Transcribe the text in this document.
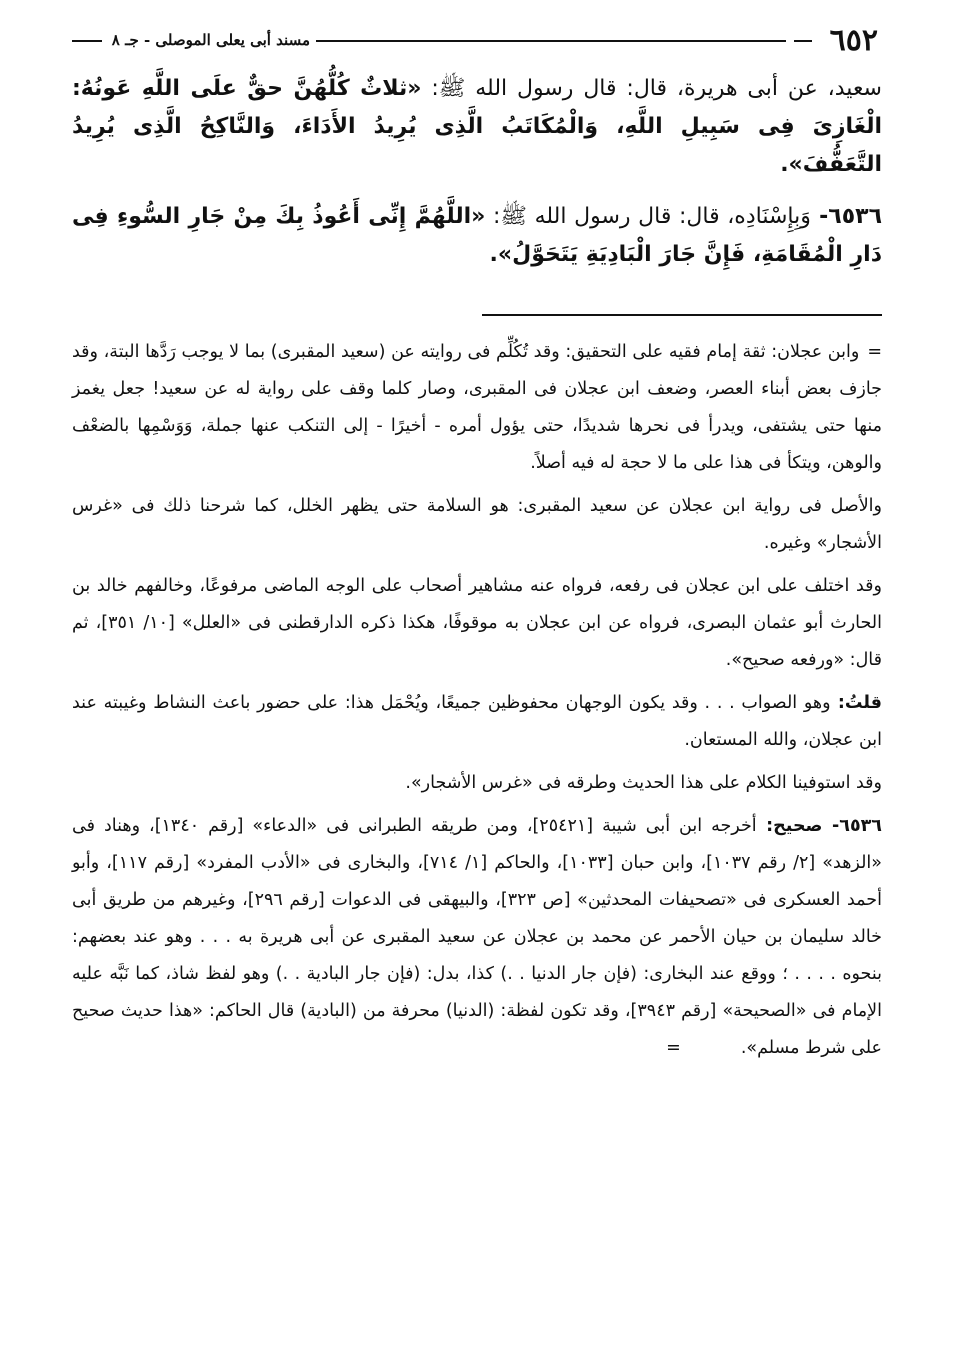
٦٥٢
مسند أبى يعلى الموصلى - جـ ٨

سعيد، عن أبى هريرة، قال: قال رسول الله ﷺ: «ثلاثٌ كُلُّهُنَّ حقٌّ علَى اللَّهِ عَونُهُ: الْغَازِىَ فِى سَبِيلِ اللَّهِ، وَالْمُكَاتَبُ الَّذِى يُرِيدُ الأَدَاءَ، وَالنَّاكِحُ الَّذِى يُرِيدُ التَّعَفُّفَ».

٦٥٣٦- وَبِإِسْنَادِه، قال: قال رسول الله ﷺ: «اللَّهُمَّ إِنِّى أَعُوذُ بِكَ مِنْ جَارِ السُّوءِ فِى دَارِ الْمُقَامَةِ، فَإِنَّ جَارَ الْبَادِيَةِ يَتَحَوَّلُ».

=وابن عجلان: ثقة إمام فقيه على التحقيق: وقد تُكُلِّم فى روايته عن (سعيد المقبرى) بما لا يوجب رَدَّها البتة، وقد جازف بعض أبناء العصر، وضعف ابن عجلان فى المقبرى، وصار كلما وقف على رواية له عن سعيد! جعل يغمز منها حتى يشتفى، ويدرأ فى نحرها شديدًا، حتى يؤول أمره - أخيرًا - إلى التنكب عنها جملة، وَوَسْمِها بالضعْف والوهن، ويتكأ فى هذا على ما لا حجة له فيه أصلاً.

والأصل فى رواية ابن عجلان عن سعيد المقبرى: هو السلامة حتى يظهر الخلل، كما شرحنا ذلك فى «غرس الأشجار» وغيره.

وقد اختلف على ابن عجلان فى رفعه، فرواه عنه مشاهير أصحاب على الوجه الماضى مرفوعًا، وخالفهم خالد بن الحارث أبو عثمان البصرى، فرواه عن ابن عجلان به موقوفًا، هكذا ذكره الدارقطنى فى «العلل» [١٠/ ٣٥١]، ثم قال: «ورفعه صحيح».

قلتُ: وهو الصواب . . . وقد يكون الوجهان محفوظين جميعًا، ويُحْمَل هذا: على حضور باعث النشاط وغيبته عند ابن عجلان، والله المستعان.

وقد استوفينا الكلام على هذا الحديث وطرقه فى «غرس الأشجار».

٦٥٣٦- صحيح: أخرجه ابن أبى شيبة [٢٥٤٢١]، ومن طريقه الطبرانى فى «الدعاء» [رقم ١٣٤٠]، وهناد فى «الزهد» [٢/ رقم ١٠٣٧]، وابن حبان [١٠٣٣]، والحاكم [١/ ٧١٤]، والبخارى فى «الأدب المفرد» [رقم ١١٧]، وأبو أحمد العسكرى فى «تصحيفات المحدثين» [ص ٣٢٣]، والبيهقى فى الدعوات [رقم ٢٩٦]، وغيرهم من طريق أبى خالد سليمان بن حيان الأحمر عن محمد بن عجلان عن سعيد المقبرى عن أبى هريرة به . . . وهو عند بعضهم: بنحوه . . . . ؛ ووقع عند البخارى: (فإن جار الدنيا . .) كذا، بدل: (فإن جار البادية . .) وهو لفظ شاذ، كما نَبَّه عليه الإمام فى «الصحيحة» [رقم ٣٩٤٣]، وقد تكون لفظة: (الدنيا) محرفة من (البادية) قال الحاكم: «هذا حديث صحيح على شرط مسلم».=
